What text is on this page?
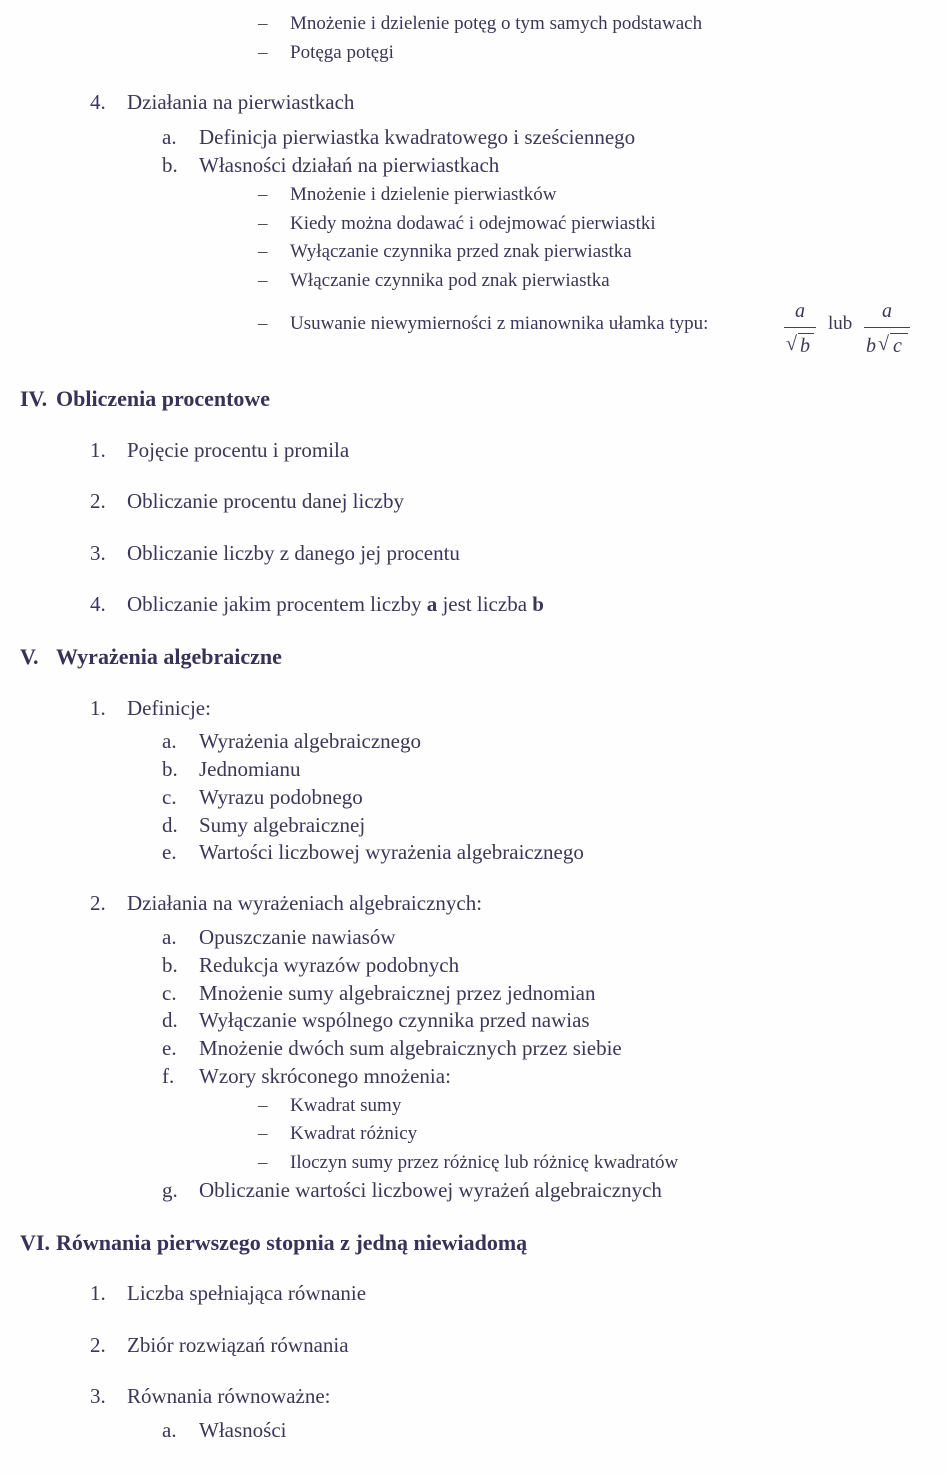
– Mnożenie i dzielenie potęg o tym samych podstawach
– Potęga potęgi
4. Działania na pierwiastkach
a. Definicja pierwiastka kwadratowego i sześciennego
b. Własności działań na pierwiastkach
– Mnożenie i dzielenie pierwiastków
– Kiedy można dodawać i odejmować pierwiastki
– Wyłączanie czynnika przed znak pierwiastka
– Włączanie czynnika pod znak pierwiastka
– Usuwanie niewymierności z mianownika ułamka typu:
a
√ b
lub
a
b √ c
IV. Obliczenia procentowe
1. Pojęcie procentu i promila
2. Obliczanie procentu danej liczby
3. Obliczanie liczby z danego jej procentu
4. Obliczanie jakim procentem liczby a jest liczba b
V. Wyrażenia algebraiczne
1. Definicje:
a. Wyrażenia algebraicznego
b. Jednomianu
c. Wyrazu podobnego
d. Sumy algebraicznej
e. Wartości liczbowej wyrażenia algebraicznego
2. Działania na wyrażeniach algebraicznych:
a. Opuszczanie nawiasów
b. Redukcja wyrazów podobnych
c. Mnożenie sumy algebraicznej przez jednomian
d. Wyłączanie wspólnego czynnika przed nawias
e. Mnożenie dwóch sum algebraicznych przez siebie
f. Wzory skróconego mnożenia:
– Kwadrat sumy
– Kwadrat różnicy
– Iloczyn sumy przez różnicę lub różnicę kwadratów
g. Obliczanie wartości liczbowej wyrażeń algebraicznych
VI. Równania pierwszego stopnia z jedną niewiadomą
1. Liczba spełniająca równanie
2. Zbiór rozwiązań równania
3. Równania równoważne:
a. Własności
